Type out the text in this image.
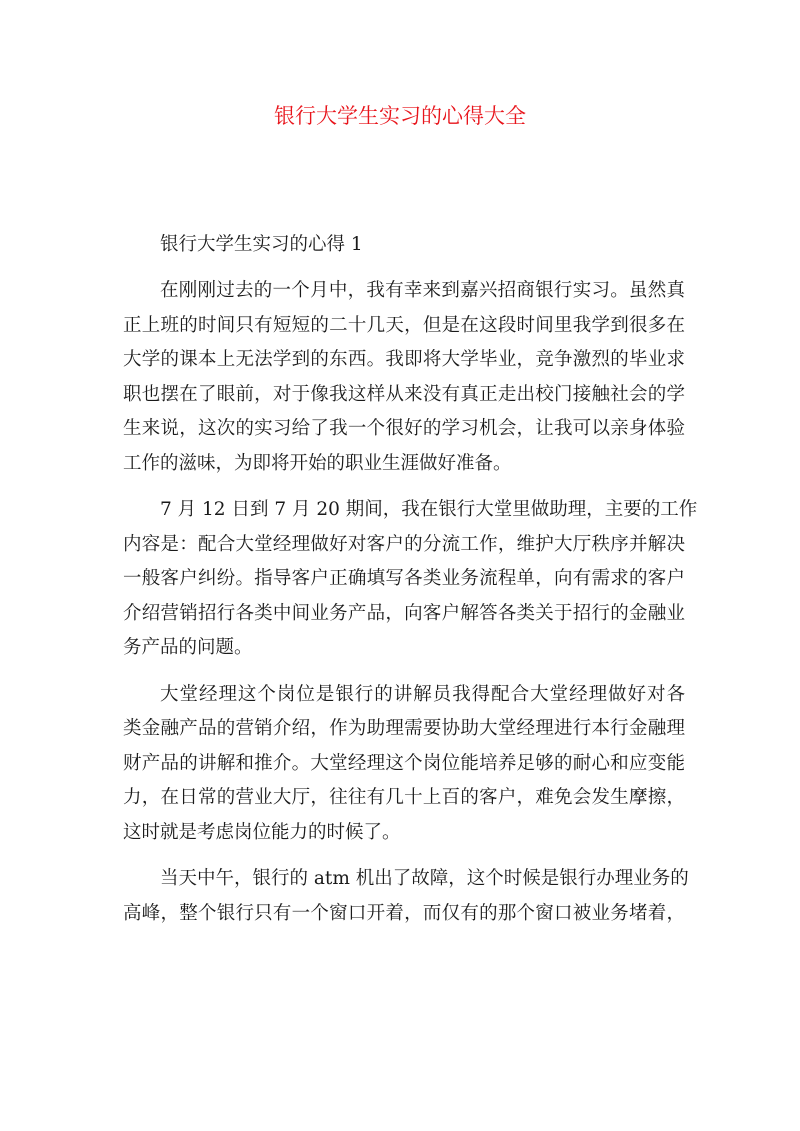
银行大学生实习的心得大全
银行大学生实习的心得 1
在刚刚过去的一个月中，我有幸来到嘉兴招商银行实习。虽然真
正上班的时间只有短短的二十几天，但是在这段时间里我学到很多在
大学的课本上无法学到的东西。我即将大学毕业，竞争激烈的毕业求
职也摆在了眼前，对于像我这样从来没有真正走出校门接触社会的学
生来说，这次的实习给了我一个很好的学习机会，让我可以亲身体验
工作的滋味，为即将开始的职业生涯做好准备。
7 月 12 日到 7 月 20 期间，我在银行大堂里做助理，主要的工作
内容是：配合大堂经理做好对客户的分流工作，维护大厅秩序并解决
一般客户纠纷。指导客户正确填写各类业务流程单，向有需求的客户
介绍营销招行各类中间业务产品，向客户解答各类关于招行的金融业
务产品的问题。
大堂经理这个岗位是银行的讲解员我得配合大堂经理做好对各
类金融产品的营销介绍，作为助理需要协助大堂经理进行本行金融理
财产品的讲解和推介。大堂经理这个岗位能培养足够的耐心和应变能
力，在日常的营业大厅，往往有几十上百的客户，难免会发生摩擦，
这时就是考虑岗位能力的时候了。
当天中午，银行的 atm 机出了故障，这个时候是银行办理业务的
高峰，整个银行只有一个窗口开着，而仅有的那个窗口被业务堵着，
